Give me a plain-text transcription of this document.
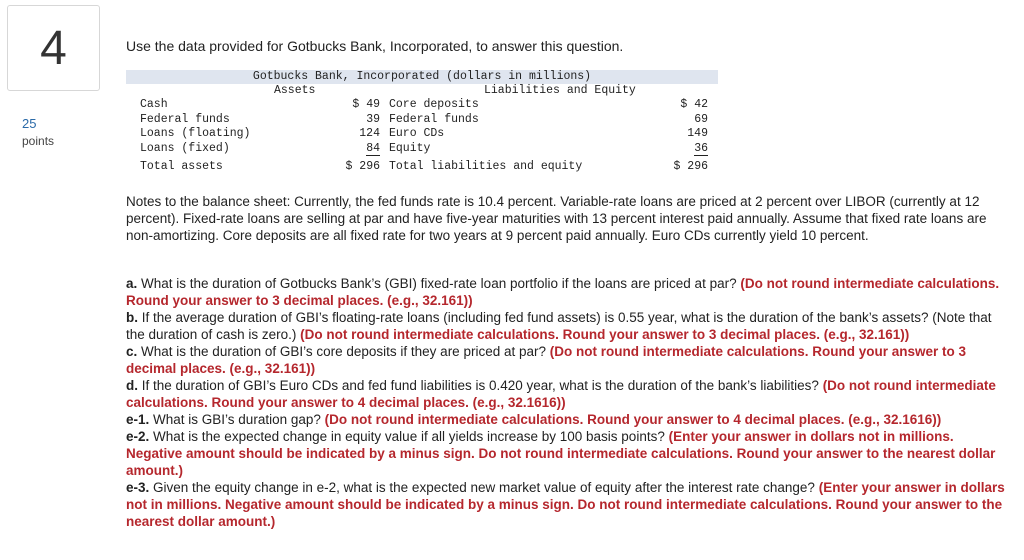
4
25
points
Use the data provided for Gotbucks Bank, Incorporated, to answer this question.
Gotbucks Bank, Incorporated (dollars in millions)
Assets	Liabilities and Equity
Cash	$ 49 Core deposits	$ 42
Federal funds	39 Federal funds	69
Loans (floating)	124 Euro CDs	149
Loans (fixed)	84 Equity	36
Total assets	$ 296 Total liabilities and equity	$ 296
Notes to the balance sheet: Currently, the fed funds rate is 10.4 percent. Variable-rate loans are priced at 2 percent over LIBOR (currently at 12 percent). Fixed-rate loans are selling at par and have five-year maturities with 13 percent interest paid annually. Assume that fixed rate loans are non-amortizing. Core deposits are all fixed rate for two years at 9 percent paid annually. Euro CDs currently yield 10 percent.

a. What is the duration of Gotbucks Bank’s (GBI) fixed-rate loan portfolio if the loans are priced at par? (Do not round intermediate calculations. Round your answer to 3 decimal places. (e.g., 32.161))

b. If the average duration of GBI’s floating-rate loans (including fed fund assets) is 0.55 year, what is the duration of the bank’s assets? (Note that the duration of cash is zero.) (Do not round intermediate calculations. Round your answer to 3 decimal places. (e.g., 32.161))

c. What is the duration of GBI’s core deposits if they are priced at par? (Do not round intermediate calculations. Round your answer to 3 decimal places. (e.g., 32.161))

d. If the duration of GBI’s Euro CDs and fed fund liabilities is 0.420 year, what is the duration of the bank’s liabilities? (Do not round intermediate calculations. Round your answer to 4 decimal places. (e.g., 32.1616))

e-1. What is GBI’s duration gap? (Do not round intermediate calculations. Round your answer to 4 decimal places. (e.g., 32.1616))

e-2. What is the expected change in equity value if all yields increase by 100 basis points? (Enter your answer in dollars not in millions. Negative amount should be indicated by a minus sign. Do not round intermediate calculations. Round your answer to the nearest dollar amount.)

e-3. Given the equity change in e-2, what is the expected new market value of equity after the interest rate change? (Enter your answer in dollars not in millions. Negative amount should be indicated by a minus sign. Do not round intermediate calculations. Round your answer to the nearest dollar amount.)
